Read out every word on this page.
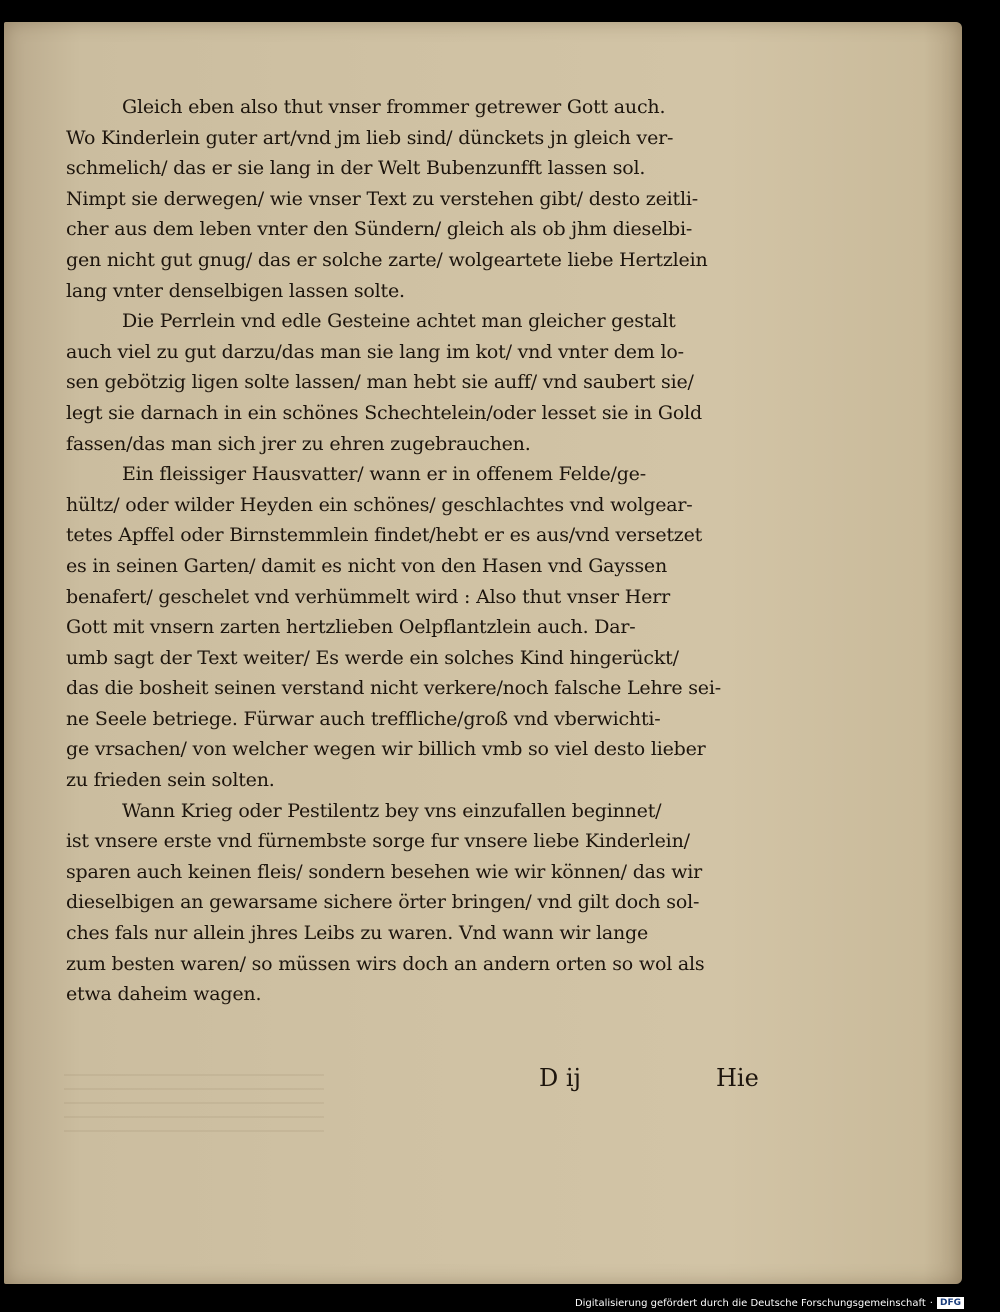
Gleich eben also thut vnser frommer getrewer Gott auch.
Wo Kinderlein guter art/vnd jm lieb sind/ dünckets jn gleich ver-
schmelich/ das er sie lang in der Welt Bubenzunfft lassen sol.
Nimpt sie derwegen/ wie vnser Text zu verstehen gibt/ desto zeitli-
cher aus dem leben vnter den Sündern/ gleich als ob jhm dieselbi-
gen nicht gut gnug/ das er solche zarte/ wolgeartete liebe Hertzlein
lang vnter denselbigen lassen solte.
Die Perrlein vnd edle Gesteine achtet man gleicher gestalt
auch viel zu gut darzu/das man sie lang im kot/ vnd vnter dem lo-
sen gebötzig ligen solte lassen/ man hebt sie auff/ vnd saubert sie/
legt sie darnach in ein schönes Schechtelein/oder lesset sie in Gold
fassen/das man sich jrer zu ehren zugebrauchen.
Ein fleissiger Hausvatter/ wann er in offenem Felde/ge-
hültz/ oder wilder Heyden ein schönes/ geschlachtes vnd wolgear-
tetes Apffel oder Birnstemmlein findet/hebt er es aus/vnd versetzet
es in seinen Garten/ damit es nicht von den Hasen vnd Gayssen
benafert/ geschelet vnd verhümmelt wird : Also thut vnser Herr
Gott mit vnsern zarten hertzlieben Oelpflantzlein auch. Dar-
umb sagt der Text weiter/ Es werde ein solches Kind hingerückt/
das die bosheit seinen verstand nicht verkere/noch falsche Lehre sei-
ne Seele betriege. Fürwar auch treffliche/groß vnd vberwichti-
ge vrsachen/ von welcher wegen wir billich vmb so viel desto lieber
zu frieden sein solten.
Wann Krieg oder Pestilentz bey vns einzufallen beginnet/
ist vnsere erste vnd fürnembste sorge fur vnsere liebe Kinderlein/
sparen auch keinen fleis/ sondern besehen wie wir können/ das wir
dieselbigen an gewarsame sichere örter bringen/ vnd gilt doch sol-
ches fals nur allein jhres Leibs zu waren. Vnd wann wir lange
zum besten waren/ so müssen wirs doch an andern orten so wol als
etwa daheim wagen.
D ij	Hie
Digitalisierung gefördert durch die Deutsche Forschungsgemeinschaft · DFG
